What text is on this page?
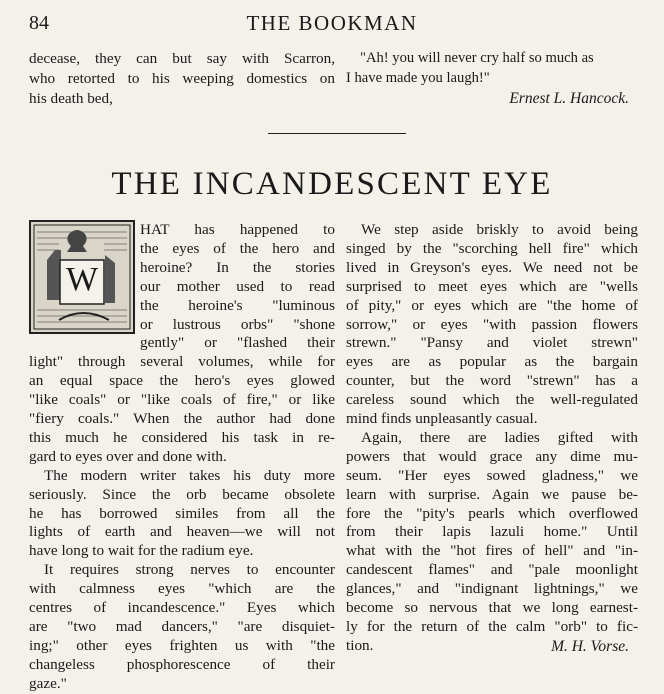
84	THE BOOKMAN
decease, they can but say with Scarron,
who retorted to his weeping domestics on
his death bed,
"Ah! you will never cry half so much as
I have made you laugh!"
Ernest L. Hancock.
THE INCANDESCENT EYE
W
HAT has happened to
the eyes of the hero and
heroine? In the stories
our mother used to read
the heroine's "luminous
or lustrous orbs" "shone
gently" or "flashed their
light" through several volumes, while for
an equal space the hero's eyes glowed
"like coals" or "like coals of fire," or like
"fiery coals." When the author had done
this much he considered his task in re-
gard to eyes over and done with.
The modern writer takes his duty more
seriously. Since the orb became obsolete
he has borrowed similes from all the
lights of earth and heaven—we will not
have long to wait for the radium eye.
It requires strong nerves to encounter
with calmness eyes "which are the
centres of incandescence." Eyes which
are "two mad dancers," "are disquiet-
We step aside briskly to avoid being
singed by the "scorching hell fire" which
lived in Greyson's eyes. We need not be
surprised to meet eyes which are "wells
of pity," or eyes which are "the home of
sorrow," or eyes "with passion flowers
strewn." "Pansy and violet strewn"
eyes are as popular as the bargain
counter, but the word "strewn" has a
careless sound which the well-regulated
mind finds unpleasantly casual.
Again, there are ladies gifted with
powers that would grace any dime mu-
seum. "Her eyes sowed gladness," we
learn with surprise. Again we pause be-
fore the "pity's pearls which overflowed
from their lapis lazuli home." Until
what with the "hot fires of hell" and "in-
candescent flames" and "pale moonlight
glances," and "indignant lightnings," we
become so nervous that we long earnest-
ing;" other eyes frighten us with "the
changeless phosphorescence of their
gaze."
ly for the return of the calm "orb" to fic-
tion.	M. H. Vorse.
